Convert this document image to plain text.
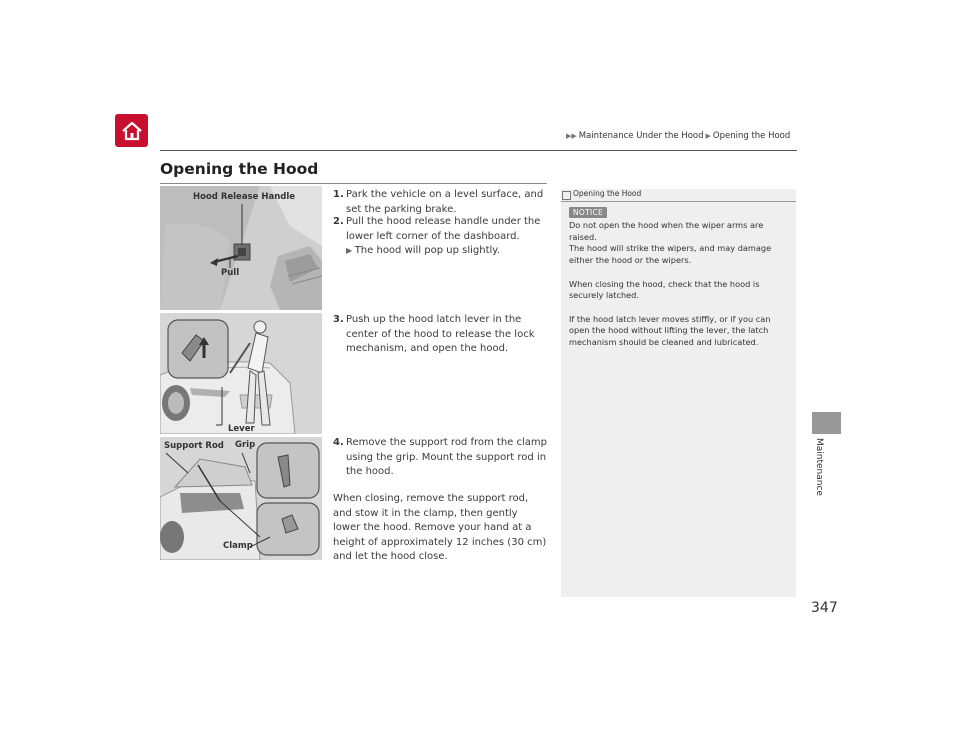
▶▶ Maintenance Under the Hood ▶ Opening the Hood
Opening the Hood
Maintenance
Hood Release Handle
Pull
Lever
Support Rod Grip
Clamp
1. Park the vehicle on a level surface, and set the parking brake.
2. Pull the hood release handle under the lower left corner of the dashboard.
▶ The hood will pop up slightly.
3. Push up the hood latch lever in the center of the hood to release the lock mechanism, and open the hood.
4. Remove the support rod from the clamp using the grip. Mount the support rod in the hood.
When closing, remove the support rod, and stow it in the clamp, then gently lower the hood. Remove your hand at a height of approximately 12 inches (30 cm) and let the hood close.
Opening the Hood
NOTICE

Do not open the hood when the wiper arms are raised.
The hood will strike the wipers, and may damage either the hood or the wipers.

When closing the hood, check that the hood is securely latched.

If the hood latch lever moves stiffly, or if you can open the hood without lifting the lever, the latch mechanism should be cleaned and lubricated.

347
